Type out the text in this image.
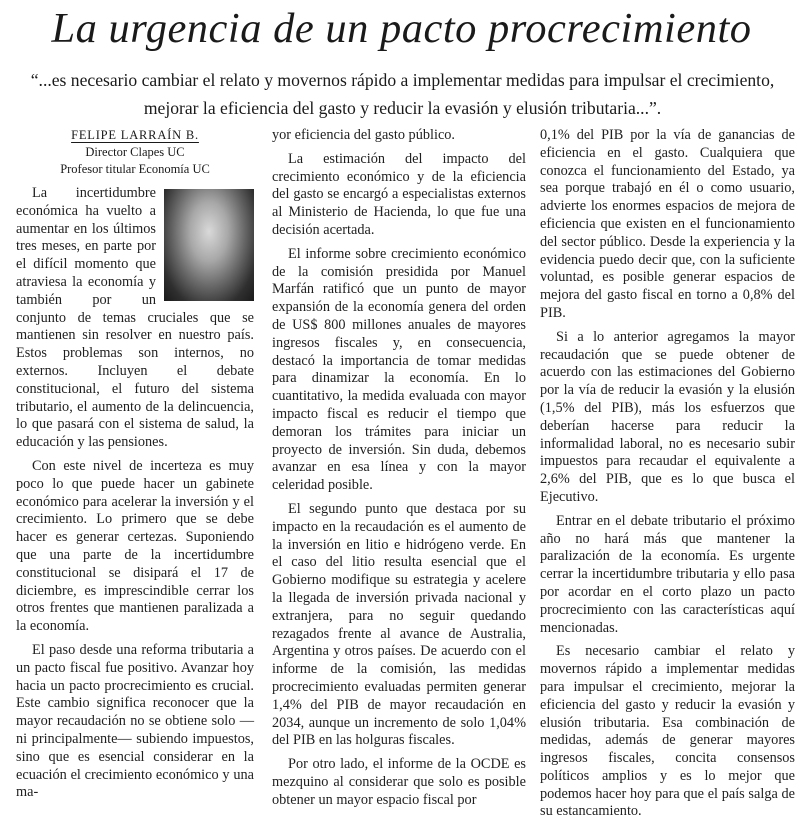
La urgencia de un pacto procrecimiento
“...es necesario cambiar el relato y movernos rápido a implementar medidas para impulsar el crecimiento, mejorar la eficiencia del gasto y reducir la evasión y elusión tributaria...”.
FELIPE LARRAÍN B.
Director Clapes UC
Profesor titular Economía UC

La incertidumbre económica ha vuelto a aumentar en los últimos tres meses, en parte por el difícil momento que atraviesa la economía y también por un conjunto de temas cruciales que se mantienen sin resolver en nuestro país. Estos problemas son internos, no externos. Incluyen el debate constitucional, el futuro del sistema tributario, el aumento de la delincuencia, lo que pasará con el sistema de salud, la educación y las pensiones.

Con este nivel de incerteza es muy poco lo que puede hacer un gabinete económico para acelerar la inversión y el crecimiento. Lo primero que se debe hacer es generar certezas. Suponiendo que una parte de la incertidumbre constitucional se disipará el 17 de diciembre, es imprescindible cerrar los otros frentes que mantienen paralizada a la economía.

El paso desde una reforma tributaria a un pacto fiscal fue positivo. Avanzar hoy hacia un pacto procrecimiento es crucial. Este cambio significa reconocer que la mayor recaudación no se obtiene solo —ni principalmente— subiendo impuestos, sino que es esencial considerar en la ecuación el crecimiento económico y una ma-

yor eficiencia del gasto público.

La estimación del impacto del crecimiento económico y de la eficiencia del gasto se encargó a especialistas externos al Ministerio de Hacienda, lo que fue una decisión acertada.

El informe sobre crecimiento económico de la comisión presidida por Manuel Marfán ratificó que un punto de mayor expansión de la economía genera del orden de US$ 800 millones anuales de mayores ingresos fiscales y, en consecuencia, destacó la importancia de tomar medidas para dinamizar la economía. En lo cuantitativo, la medida evaluada con mayor impacto fiscal es reducir el tiempo que demoran los trámites para iniciar un proyecto de inversión. Sin duda, debemos avanzar en esa línea y con la mayor celeridad posible.

El segundo punto que destaca por su impacto en la recaudación es el aumento de la inversión en litio e hidrógeno verde. En el caso del litio resulta esencial que el Gobierno modifique su estrategia y acelere la llegada de inversión privada nacional y extranjera, para no seguir quedando rezagados frente al avance de Australia, Argentina y otros países. De acuerdo con el informe de la comisión, las medidas procrecimiento evaluadas permiten generar 1,4% del PIB de mayor recaudación en 2034, aunque un incremento de solo 1,04% del PIB en las holguras fiscales.

Por otro lado, el informe de la OCDE es mezquino al considerar que solo es posible obtener un mayor espacio fiscal por

0,1% del PIB por la vía de ganancias de eficiencia en el gasto. Cualquiera que conozca el funcionamiento del Estado, ya sea porque trabajó en él o como usuario, advierte los enormes espacios de mejora de eficiencia que existen en el funcionamiento del sector público. Desde la experiencia y la evidencia puedo decir que, con la suficiente voluntad, es posible generar espacios de mejora del gasto fiscal en torno a 0,8% del PIB.

Si a lo anterior agregamos la mayor recaudación que se puede obtener de acuerdo con las estimaciones del Gobierno por la vía de reducir la evasión y la elusión (1,5% del PIB), más los esfuerzos que deberían hacerse para reducir la informalidad laboral, no es necesario subir impuestos para recaudar el equivalente a 2,6% del PIB, que es lo que busca el Ejecutivo.

Entrar en el debate tributario el próximo año no hará más que mantener la paralización de la economía. Es urgente cerrar la incertidumbre tributaria y ello pasa por acordar en el corto plazo un pacto procrecimiento con las características aquí mencionadas.

Es necesario cambiar el relato y movernos rápido a implementar medidas para impulsar el crecimiento, mejorar la eficiencia del gasto y reducir la evasión y elusión tributaria. Esa combinación de medidas, además de generar mayores ingresos fiscales, concita consensos políticos amplios y es lo mejor que podemos hacer hoy para que el país salga de su estancamiento.
